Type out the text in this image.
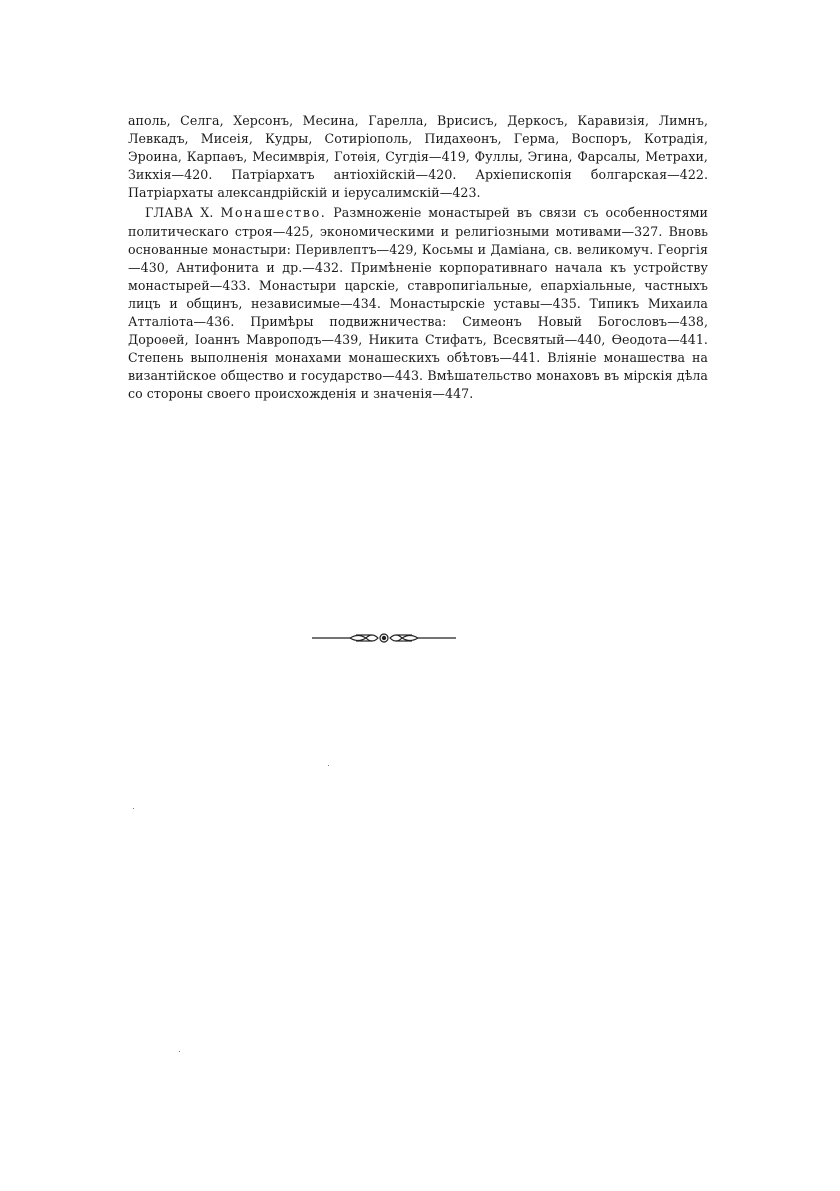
aполь, Селга, Херсонъ, Месина, Гарелла, Врисисъ, Деркосъ, Каравизія, Лимнъ, Левкадъ, Мисеія, Кудры, Сотиріополь, Пидахѳонъ, Герма, Воспоръ, Котрадія, Эроина, Карпаѳъ, Месимврія, Готѳія, Сугдія—419, Фуллы, Эгина, Фарсалы, Метрахи, Зикхія—420. Патріархатъ антіохійскій—420. Архіепископія болгарская—422. Патріархаты александрійскій и іерусалимскій—423.

ГЛАВА X. Монашество. Размноженіе монастырей въ связи съ особенностями политическаго строя—425, экономическими и религіозными мотивами—327. Вновь основанные монастыри: Перивлептъ—429, Косьмы и Даміана, св. великомуч. Георгія—430, Антифонита и др.—432. Примѣненіе корпоративнаго начала къ устройству монастырей—433. Монастыри царскіе, ставропигіальные, епархіальные, частныхъ лицъ и общинъ, независимые—434. Монастырскіе уставы—435. Типикъ Михаила Атталіота—436. Примѣры подвижничества: Симеонъ Новый Богословъ—438, Дороѳей, Іоаннъ Мавроподъ—439, Никита Стифатъ, Всесвятый—440, Ѳеодота—441. Степень выполненія монахами монашескихъ обѣтовъ—441. Вліяніе монашества на византійское общество и государство—443. Вмѣшательство монаховъ въ мірскія дѣла со стороны своего происхожденія и значенія—447.
